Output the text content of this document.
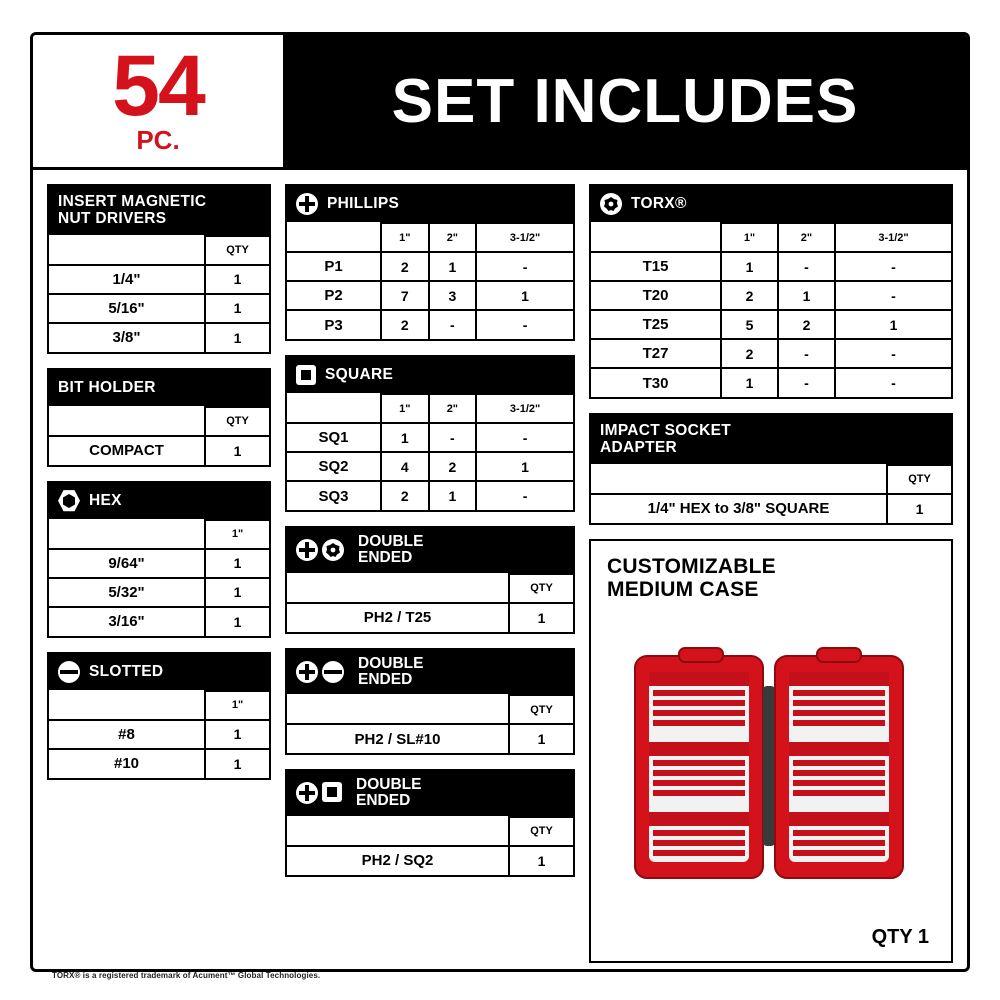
54
PC.
SET INCLUDES
INSERT MAGNETIC
NUT DRIVERS
	QTY
1/4"	1
5/16"	1
3/8"	1
BIT HOLDER
	QTY
COMPACT	1
HEX
	1"
9/64"	1
5/32"	1
3/16"	1
SLOTTED
	1"
#8	1
#10	1
PHILLIPS
	1"	2"	3-1/2"
P1	2	1	-
P2	7	3	1
P3	2	-	-
SQUARE
	1"	2"	3-1/2"
SQ1	1	-	-
SQ2	4	2	1
SQ3	2	1	-
DOUBLE
ENDED
	QTY
PH2 / T25	1
DOUBLE
ENDED
	QTY
PH2 / SL#10	1
DOUBLE
ENDED
	QTY
PH2 / SQ2	1
TORX®
	1"	2"	3-1/2"
T15	1	-	-
T20	2	1	-
T25	5	2	1
T27	2	-	-
T30	1	-	-
IMPACT SOCKET
ADAPTER
	QTY
1/4" HEX to 3/8" SQUARE	1
CUSTOMIZABLE
MEDIUM CASE
QTY 1
TORX® is a registered trademark of Acument™ Global Technologies.
